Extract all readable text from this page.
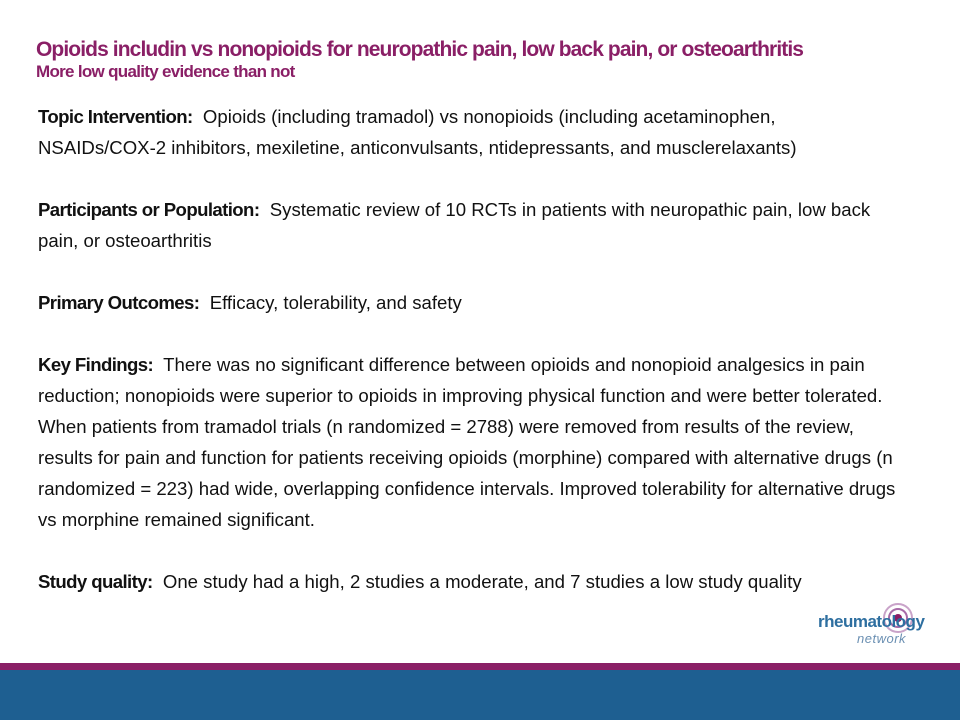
Opioids includin vs nonopioids for neuropathic pain, low back pain, or osteoarthritis
More low quality evidence than not

Topic Intervention: Opioids (including tramadol) vs nonopioids (including acetaminophen, NSAIDs/COX-2 inhibitors, mexiletine, anticonvulsants, ntidepressants, and musclerelaxants)

Participants or Population: Systematic review of 10 RCTs in patients with neuropathic pain, low back pain, or osteoarthritis

Primary Outcomes: Efficacy, tolerability, and safety

Key Findings: There was no significant difference between opioids and nonopioid analgesics in pain reduction; nonopioids were superior to opioids in improving physical function and were better tolerated. When patients from tramadol trials (n randomized = 2788) were removed from results of the review, results for pain and function for patients receiving opioids (morphine) compared with alternative drugs (n randomized = 223) had wide, overlapping confidence intervals. Improved tolerability for alternative drugs vs morphine remained significant.

Study quality: One study had a high, 2 studies a moderate, and 7 studies a low study quality

rheumatology
network
